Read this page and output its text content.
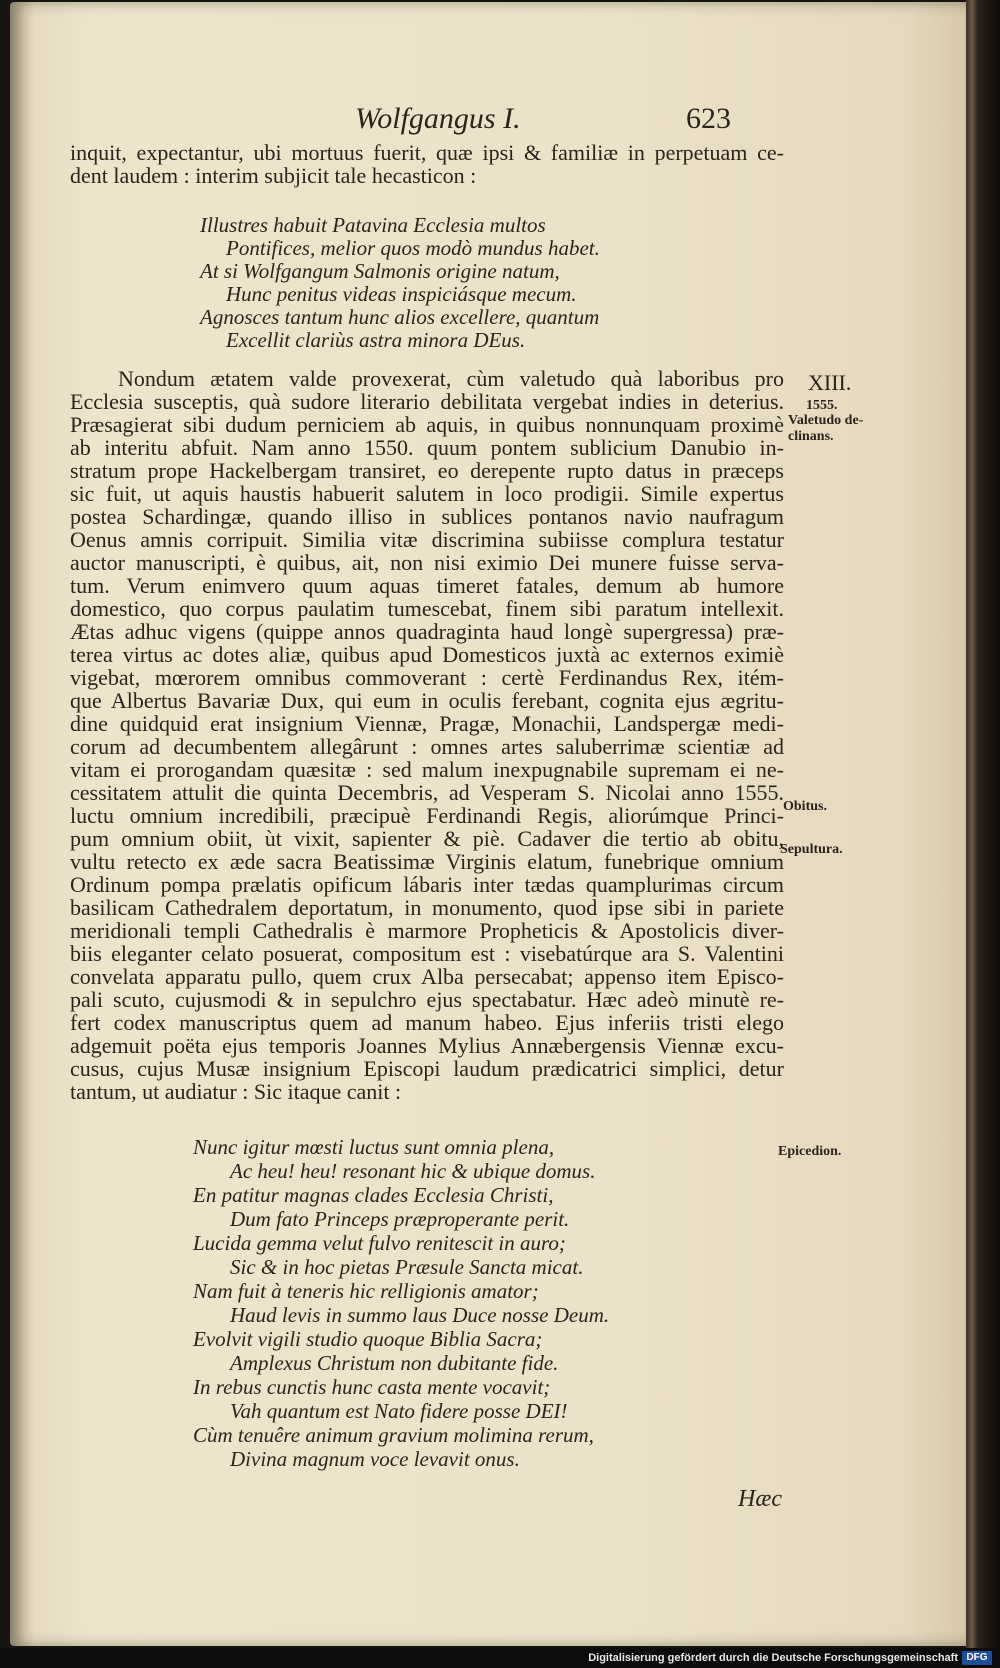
Wolfgangus I.	623
inquit, expectantur, ubi mortuus fuerit, quæ ipsi & familiæ in perpetuam ce-
dent laudem : interim subjicit tale hecasticon :
Illustres habuit Patavina Ecclesia multos
Pontifices, melior quos modò mundus habet.
At si Wolfgangum Salmonis origine natum,
Hunc penitus videas inspiciásque mecum.
Agnosces tantum hunc alios excellere, quantum
Excellit clariùs astra minora DEus.
XIII.
1555.
Valetudo de-
clinans.
Obitus.
Sepultura.
Epicedion.
Nondum ætatem valde provexerat, cùm valetudo quà laboribus pro
Ecclesia susceptis, quà sudore literario debilitata vergebat indies in deterius.
Præsagierat sibi dudum perniciem ab aquis, in quibus nonnunquam proximè
ab interitu abfuit. Nam anno 1550. quum pontem sublicium Danubio in-
stratum prope Hackelbergam transiret, eo derepente rupto datus in præceps
sic fuit, ut aquis haustis habuerit salutem in loco prodigii. Simile expertus
postea Schardingæ, quando illiso in sublices pontanos navio naufragum
Oenus amnis corripuit. Similia vitæ discrimina subiisse complura testatur
auctor manuscripti, è quibus, ait, non nisi eximio Dei munere fuisse serva-
tum. Verum enimvero quum aquas timeret fatales, demum ab humore
domestico, quo corpus paulatim tumescebat, finem sibi paratum intellexit.
Ætas adhuc vigens (quippe annos quadraginta haud longè supergressa) præ-
terea virtus ac dotes aliæ, quibus apud Domesticos juxtà ac externos eximiè
vigebat, mœrorem omnibus commoverant : certè Ferdinandus Rex, itém-
que Albertus Bavariæ Dux, qui eum in oculis ferebant, cognita ejus ægritu-
dine quidquid erat insignium Viennæ, Pragæ, Monachii, Landspergæ medi-
corum ad decumbentem allegârunt : omnes artes saluberrimæ scientiæ ad
vitam ei prorogandam quæsitæ : sed malum inexpugnabile supremam ei ne-
cessitatem attulit die quinta Decembris, ad Vesperam S. Nicolai anno 1555.
luctu omnium incredibili, præcipuè Ferdinandi Regis, aliorúmque Princi-
pum omnium obiit, ùt vixit, sapienter & piè. Cadaver die tertio ab obitu,
vultu retecto ex æde sacra Beatissimæ Virginis elatum, funebrique omnium
Ordinum pompa prælatis opificum lábaris inter tædas quamplurimas circum
basilicam Cathedralem deportatum, in monumento, quod ipse sibi in pariete
meridionali templi Cathedralis è marmore Propheticis & Apostolicis diver-
biis eleganter celato posuerat, compositum est : visebatúrque ara S. Valentini
convelata apparatu pullo, quem crux Alba persecabat; appenso item Episco-
pali scuto, cujusmodi & in sepulchro ejus spectabatur. Hæc adeò minutè re-
fert codex manuscriptus quem ad manum habeo. Ejus inferiis tristi elego
adgemuit poëta ejus temporis Joannes Mylius Annæbergensis Viennæ excu-
cusus, cujus Musæ insignium Episcopi laudum prædicatrici simplici, detur
tantum, ut audiatur : Sic itaque canit :
Nunc igitur mœsti luctus sunt omnia plena,
Ac heu! heu! resonant hic & ubique domus.
En patitur magnas clades Ecclesia Christi,
Dum fato Princeps præproperante perit.
Lucida gemma velut fulvo renitescit in auro;
Sic & in hoc pietas Præsule Sancta micat.
Nam fuit à teneris hic relligionis amator;
Haud levis in summo laus Duce nosse Deum.
Evolvit vigili studio quoque Biblia Sacra;
Amplexus Christum non dubitante fide.
In rebus cunctis hunc casta mente vocavit;
Vah quantum est Nato fidere posse DEI!
Cùm tenuêre animum gravium molimina rerum,
Divina magnum voce levavit onus.
Hæc
Digitalisierung gefördert durch die Deutsche Forschungsgemeinschaft DFG
